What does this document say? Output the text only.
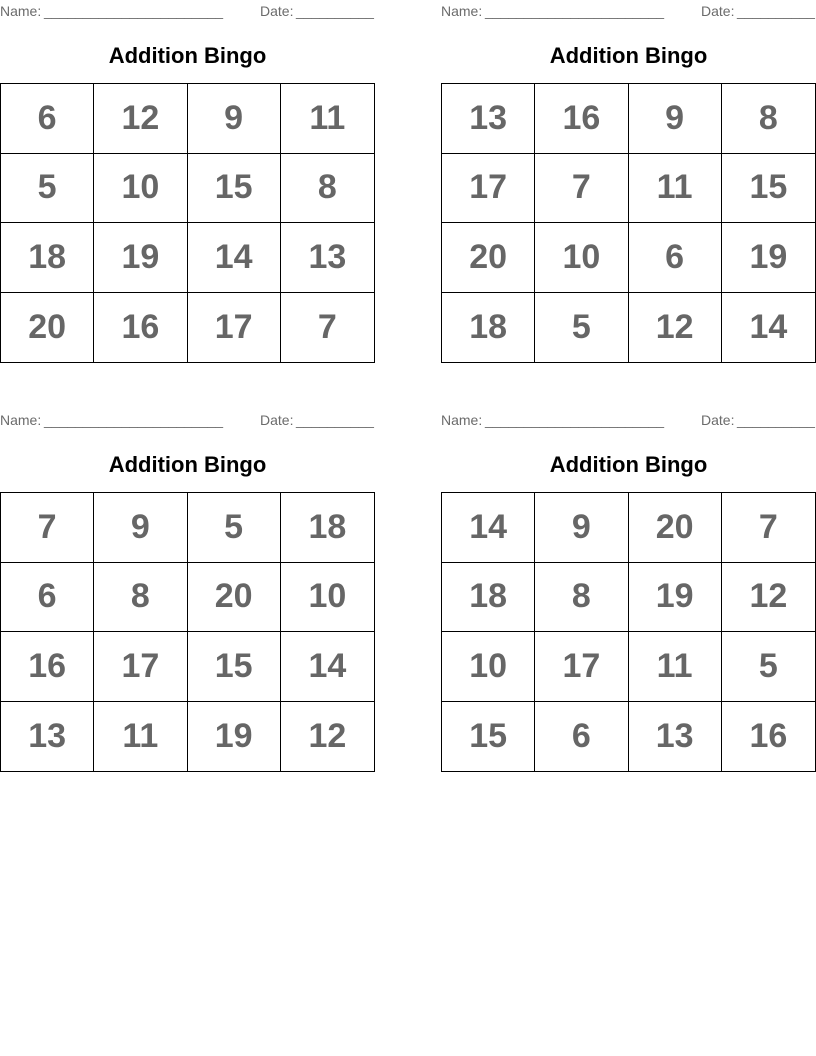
Name: _______________________	Date: __________
Addition Bingo
6	12	9	11
5	10	15	8
18	19	14	13
20	16	17	7
Name: _______________________	Date: __________
Addition Bingo
13	16	9	8
17	7	11	15
20	10	6	19
18	5	12	14
Name: _______________________	Date: __________
Addition Bingo
7	9	5	18
6	8	20	10
16	17	15	14
13	11	19	12
Name: _______________________	Date: __________
Addition Bingo
14	9	20	7
18	8	19	12
10	17	11	5
15	6	13	16
